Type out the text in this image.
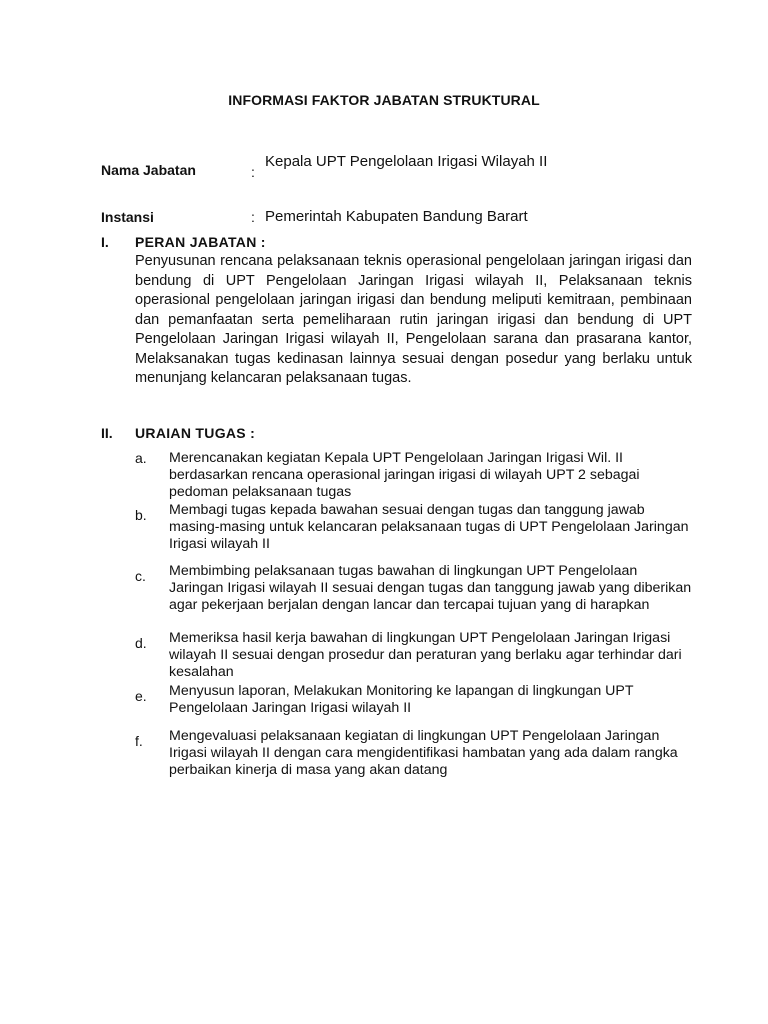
INFORMASI FAKTOR JABATAN STRUKTURAL
Nama Jabatan	:
Kepala UPT Pengelolaan Irigasi Wilayah II
Instansi	: Pemerintah Kabupaten Bandung Barart
I. PERAN JABATAN :
Penyusunan rencana pelaksanaan teknis operasional pengelolaan jaringan irigasi dan bendung di UPT Pengelolaan Jaringan Irigasi wilayah II, Pelaksanaan teknis operasional pengelolaan jaringan irigasi dan bendung meliputi kemitraan, pembinaan dan pemanfaatan serta pemeliharaan rutin jaringan irigasi dan bendung di UPT Pengelolaan Jaringan Irigasi wilayah II, Pengelolaan sarana dan prasarana kantor, Melaksanakan tugas kedinasan lainnya sesuai dengan posedur yang berlaku untuk menunjang kelancaran pelaksanaan tugas.
II. URAIAN TUGAS :
a. Merencanakan kegiatan Kepala UPT Pengelolaan Jaringan Irigasi Wil. II berdasarkan rencana operasional jaringan irigasi di wilayah UPT 2 sebagai pedoman pelaksanaan tugas
b. Membagi tugas kepada bawahan sesuai dengan tugas dan tanggung jawab masing-masing untuk kelancaran pelaksanaan tugas di UPT Pengelolaan Jaringan Irigasi wilayah II
c. Membimbing pelaksanaan tugas bawahan di lingkungan UPT Pengelolaan Jaringan Irigasi wilayah II sesuai dengan tugas dan tanggung jawab yang diberikan agar pekerjaan berjalan dengan lancar dan tercapai tujuan yang di harapkan
d. Memeriksa hasil kerja bawahan di lingkungan UPT Pengelolaan Jaringan Irigasi wilayah II sesuai dengan prosedur dan peraturan yang berlaku agar terhindar dari kesalahan
e. Menyusun laporan, Melakukan Monitoring ke lapangan di lingkungan UPT Pengelolaan Jaringan Irigasi wilayah II
f. Mengevaluasi pelaksanaan kegiatan di lingkungan UPT Pengelolaan Jaringan Irigasi wilayah II dengan cara mengidentifikasi hambatan yang ada dalam rangka perbaikan kinerja di masa yang akan datang
